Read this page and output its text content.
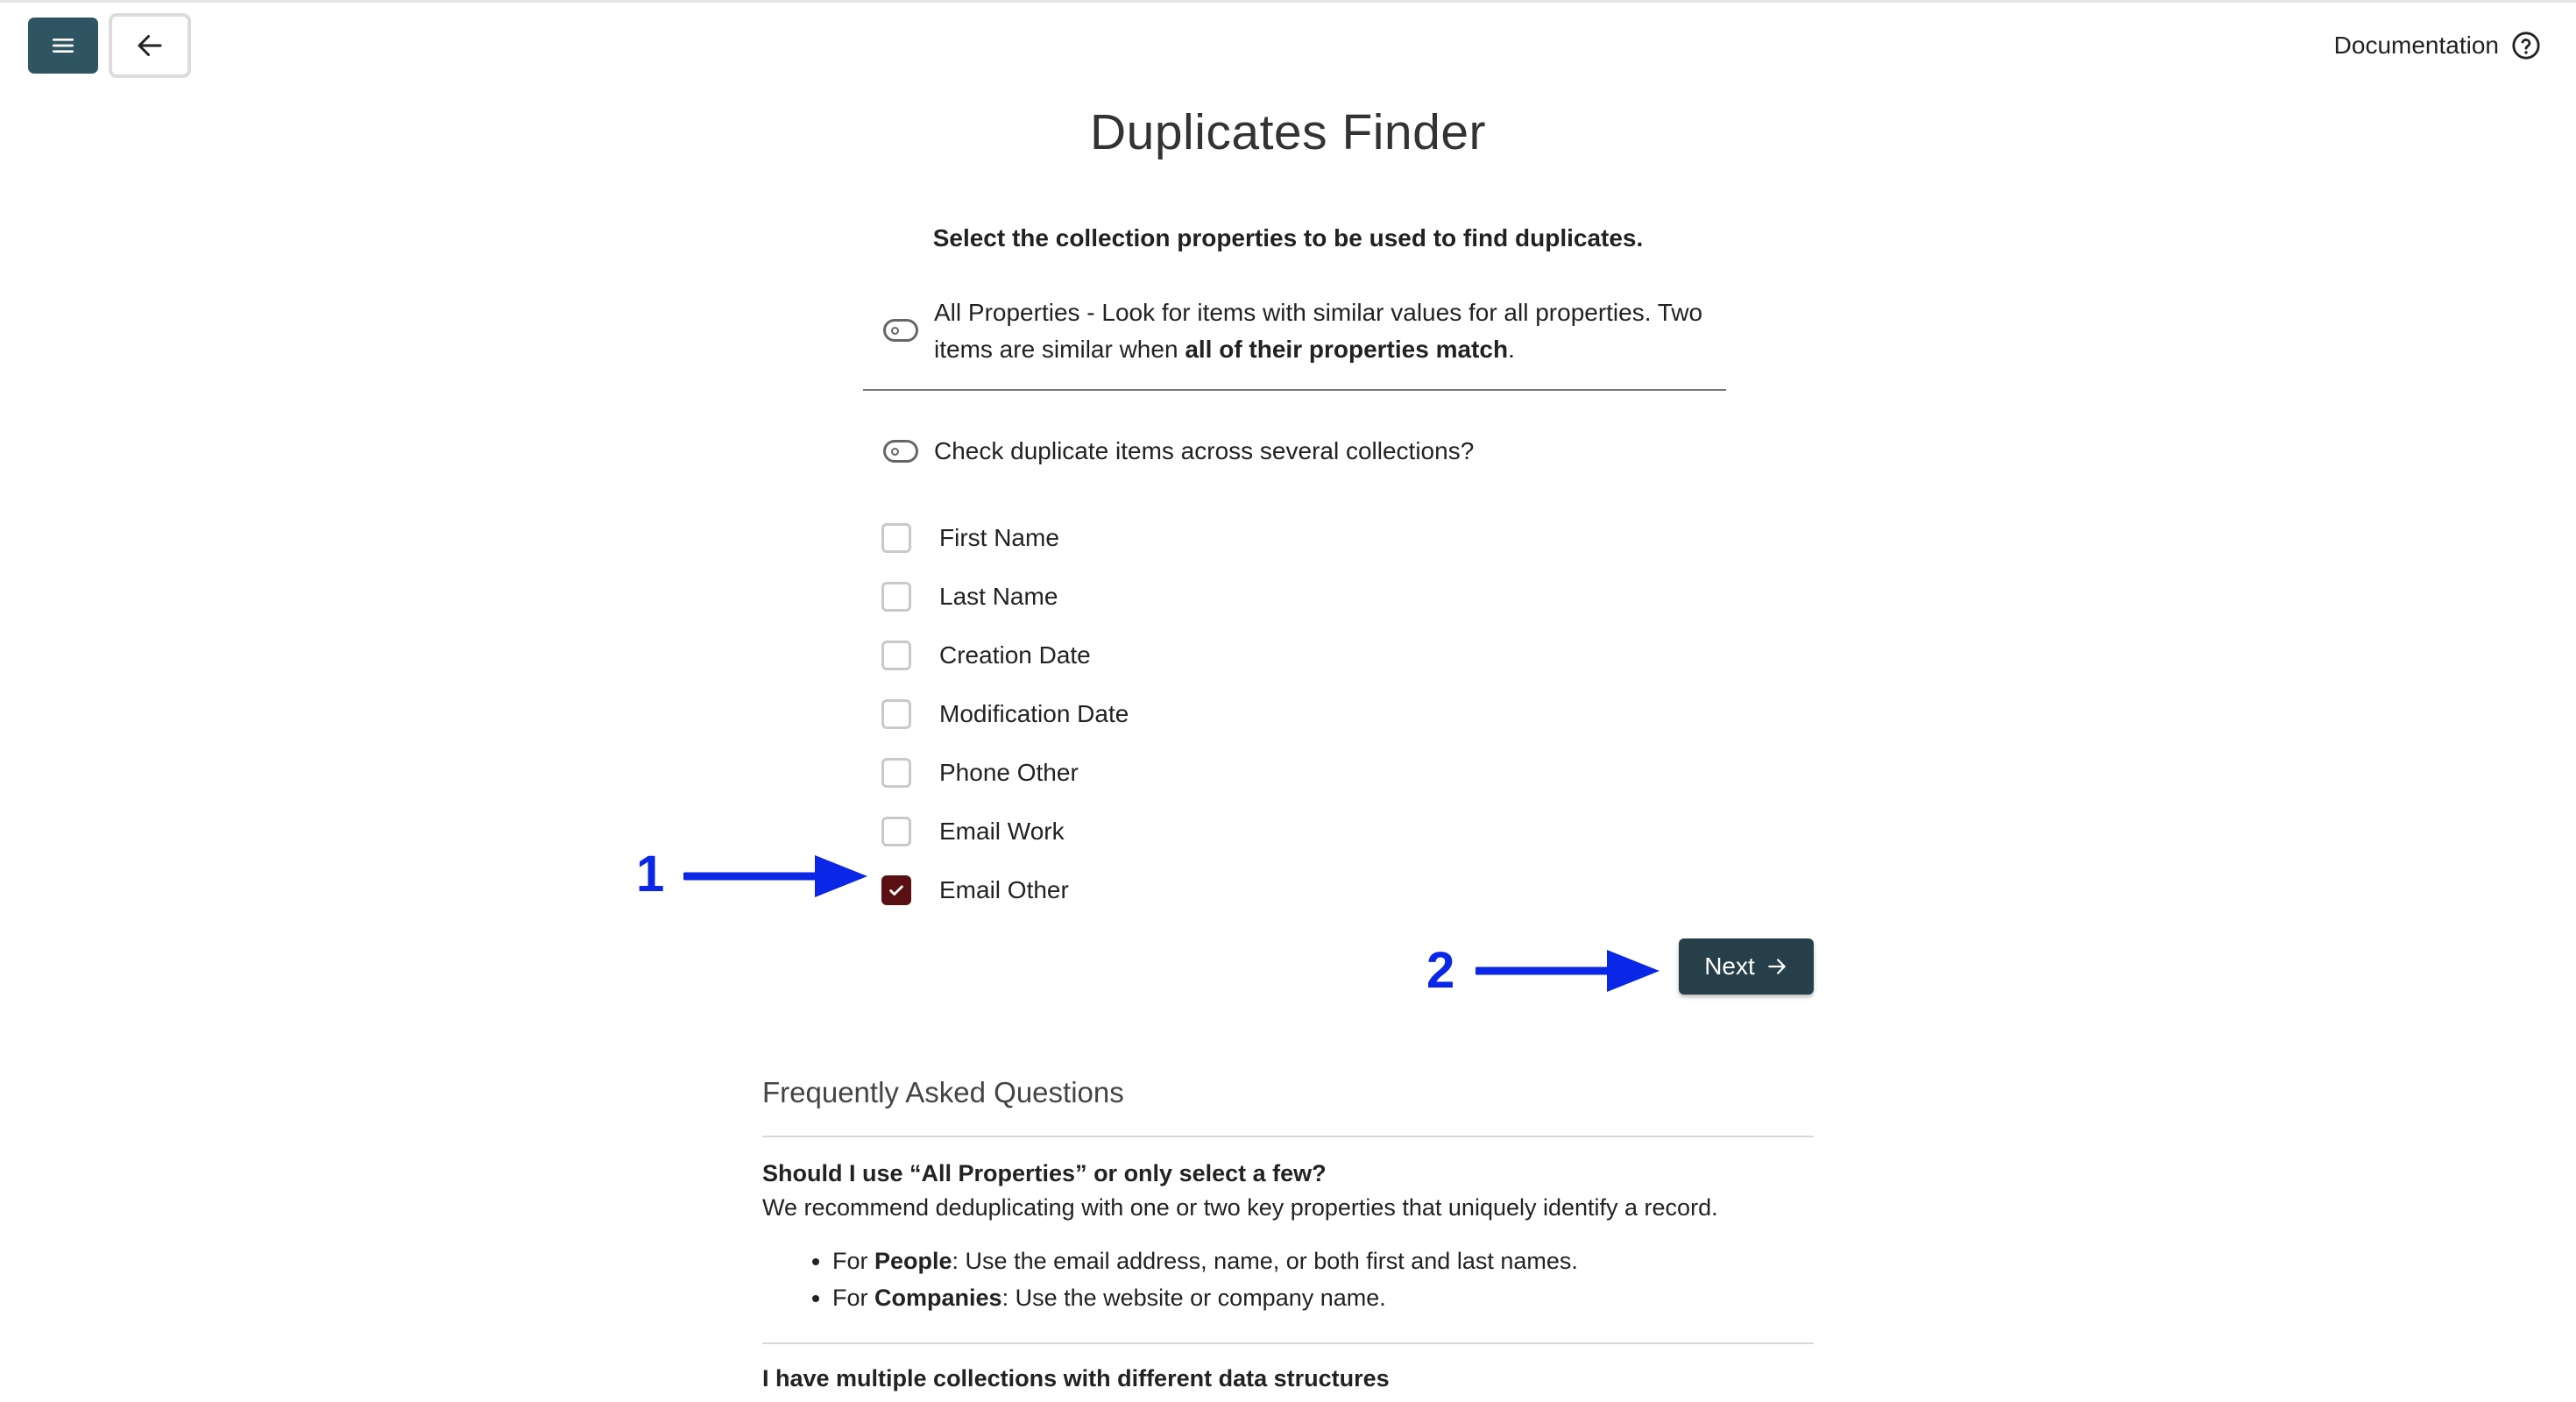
Documentation
Duplicates Finder
Select the collection properties to be used to find duplicates.
All Properties - Look for items with similar values for all properties. Two items are similar when all of their properties match.
Check duplicate items across several collections?
First Name
Last Name
Creation Date
Modification Date
Phone Other
Email Work
Email Other
1
2	Next
Frequently Asked Questions
Should I use “All Properties” or only select a few?
We recommend deduplicating with one or two key properties that uniquely identify a record.
• For People: Use the email address, name, or both first and last names.
• For Companies: Use the website or company name.
I have multiple collections with different data structures
